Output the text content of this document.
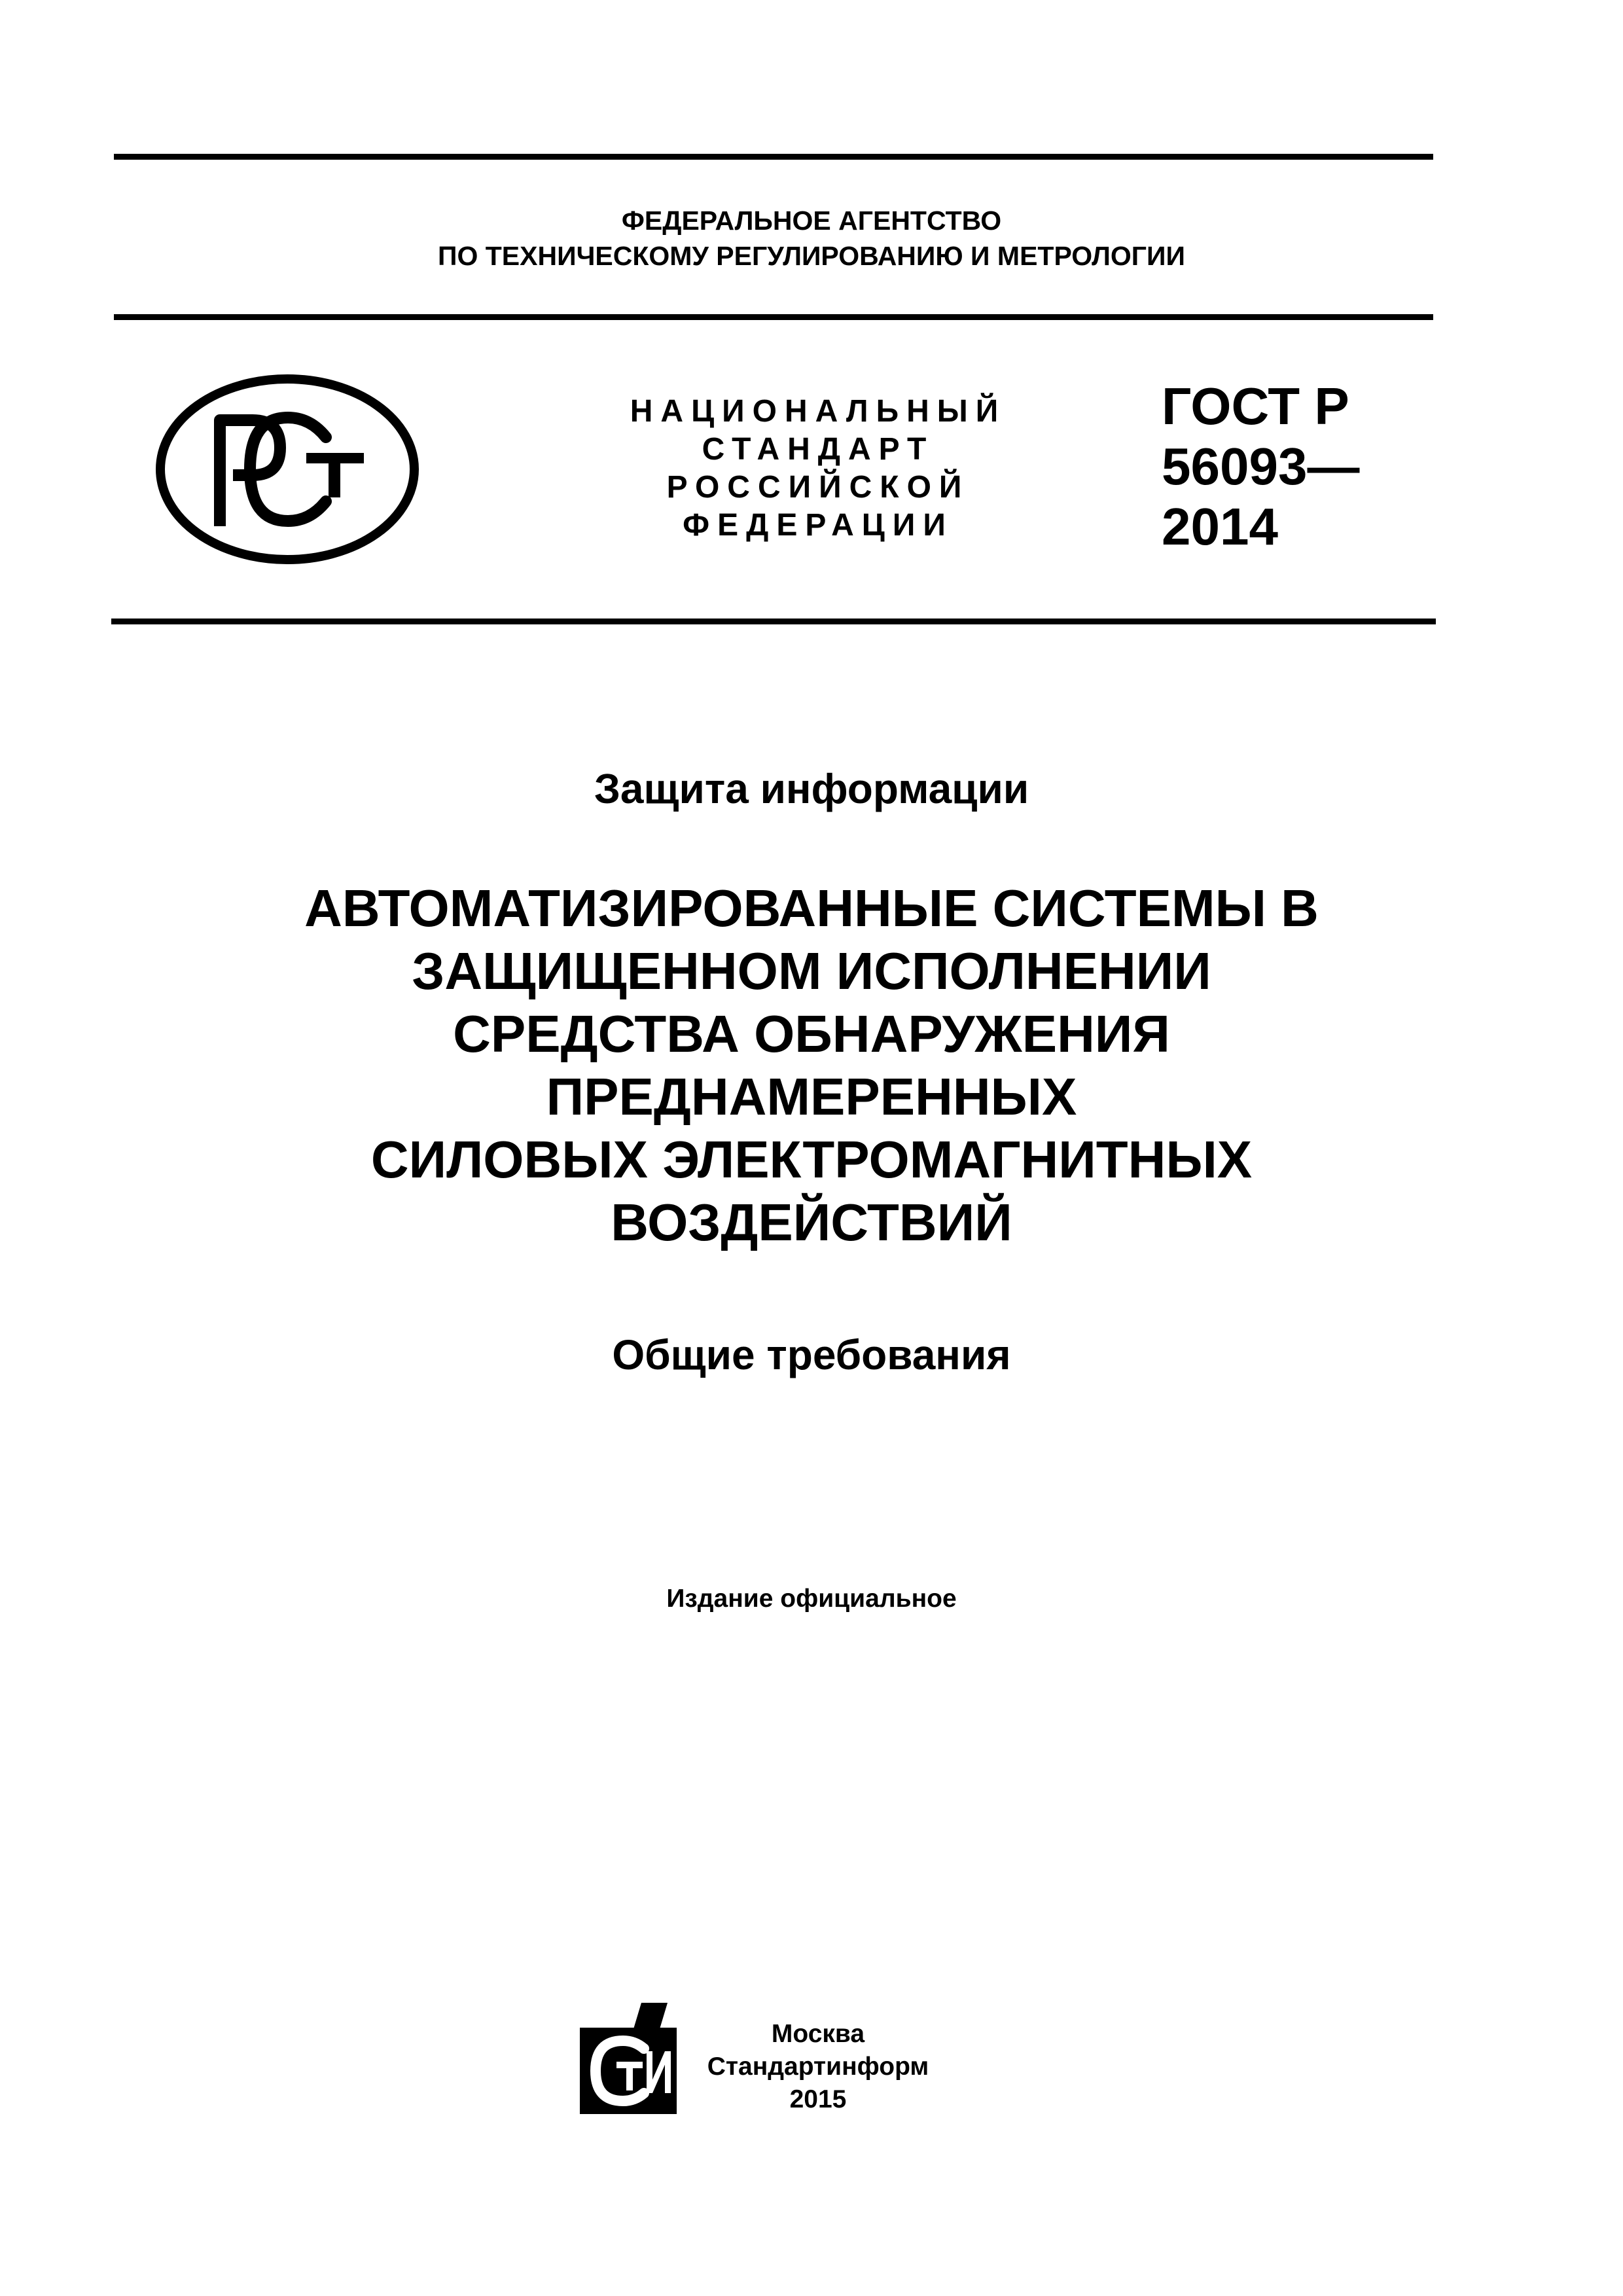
ФЕДЕРАЛЬНОЕ АГЕНТСТВО
ПО ТЕХНИЧЕСКОМУ РЕГУЛИРОВАНИЮ И МЕТРОЛОГИИ
НАЦИОНАЛЬНЫЙ
СТАНДАРТ
РОССИЙСКОЙ
ФЕДЕРАЦИИ
ГОСТ Р
56093—
2014
Защита информации
АВТОМАТИЗИРОВАННЫЕ СИСТЕМЫ В
ЗАЩИЩЕННОМ ИСПОЛНЕНИИ
СРЕДСТВА ОБНАРУЖЕНИЯ
ПРЕДНАМЕРЕННЫХ
СИЛОВЫХ ЭЛЕКТРОМАГНИТНЫХ
ВОЗДЕЙСТВИЙ
Общие требования
Издание официальное
Москва
Стандартинформ
2015
